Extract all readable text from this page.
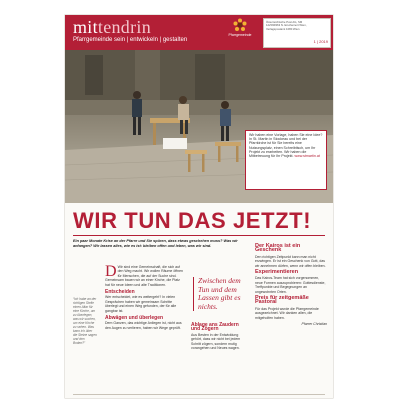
mittendrin
Pfarrgemeinde sein | entwickeln | gestalten
Pfarrgemeinde
Österreichische Post AG, SM 12Z039363 N. Erscheinort Wien, Verlagspostamt 1080 Wien
1 | 2019
Wir haben eine Vorlage, haben Sie eine Idee? In St. Martin in Stockeau und bei der Pfarrkirche ist für Sie bereits eine Nutzungsplatz, einen Schreibtisch, um Ihr Projekt zu erarbeiten. Wir haben die Mitbetreuung für Ihr Projekt. www.stmartin.at
WIR TUN DAS JETZT!
Ein paar Monate Krise an der Pfarre und Sie spüren, dass etwas geschehen muss? Was wir anfangen? Wir lassen alles, wie es ist: bleiben offen und leben, was wir sind.
“Ich habe an der richtigen Stelle einen Altar für eine Kirche, um zu überlegen, was wir suchen, um eine Kirche zu sehen. Was kann ich über die Steine sagen und den Boden?”

D Wir sind eine Gemeinschaft, die sich auf den Weg macht. Wir wollen Räume öffnen für Menschen, die auf der Suche sind. Gemeinsam bauen wir an einer Kirche, die Platz hat für neue Ideen und alte Traditionen.

Entscheiden

Wer entscheidet, wie es weitergeht? In vielen Gesprächen haben wir gemeinsam Schritte überlegt und einen Weg gefunden, der für alle gangbar ist.

Abwägen und überlegen

Dem Ganzen, das wichtige Anliegen ist, nicht aus den Augen zu verlieren, haben wir Wege geprüft.

Zwischen dem Tun und dem Lassen gibt es nichts.
Ablage ans Zaudern und Zögern

Aus Besten in der Entwicklung gehört, dass wir nicht bei jedem Schritt zögern, sondern mutig vorangehen und Neues wagen.

Der Kairos ist ein Geschenk

Den richtigen Zeitpunkt kann man nicht erzwingen. Er ist ein Geschenk von Gott, das wir annehmen dürfen, wenn wir offen bleiben.

Experimentieren

Das Kairos-Team hat sich vorgenommen, neue Formen auszuprobieren: Gottesdienste, Treffpunkte und Begegnungen an ungewohnten Orten.

Preis für zeitgemäße Pastoral

Für das Projekt wurde die Pfarrgemeinde ausgezeichnet. Wir danken allen, die mitgeholfen haben.

Pfarrer Christian
